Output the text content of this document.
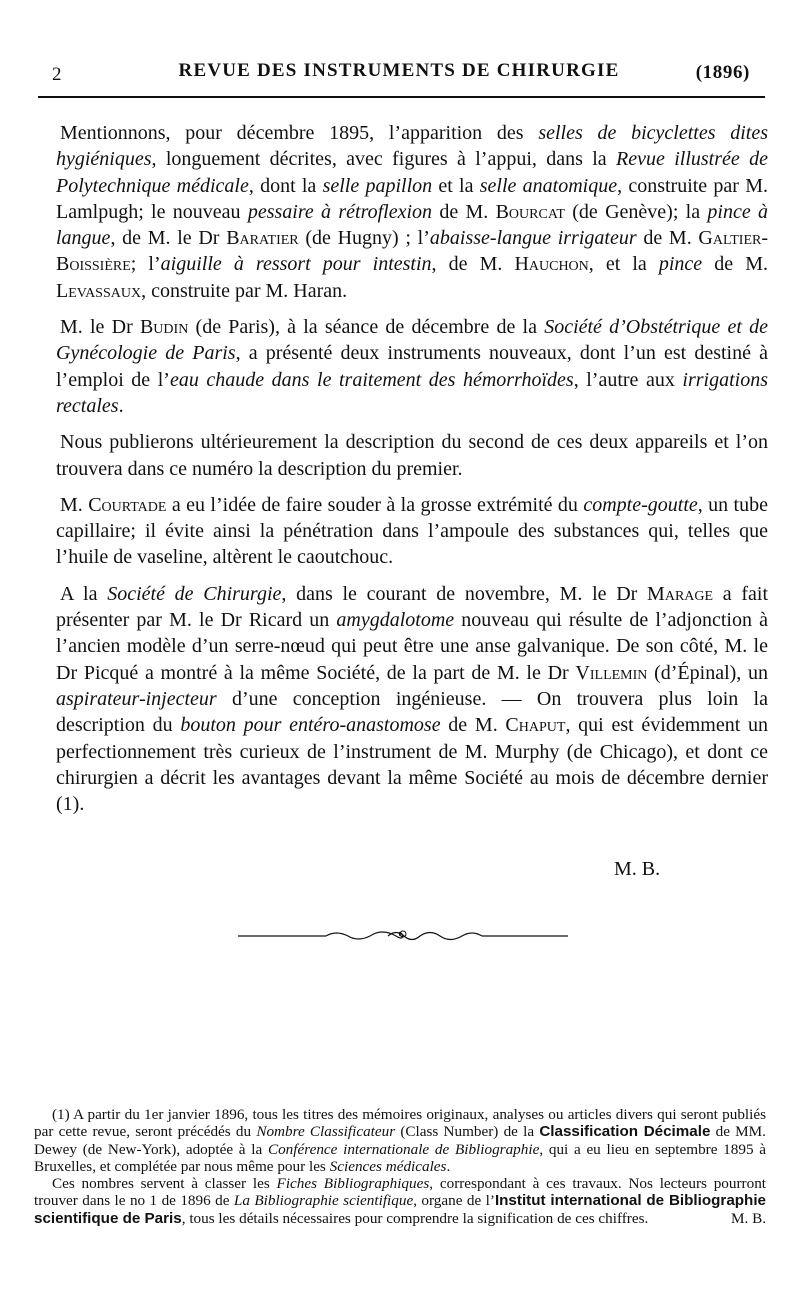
2	REVUE DES INSTRUMENTS DE CHIRURGIE	(1896)

Mentionnons, pour décembre 1895, l’apparition des selles de bicyclettes dites hygiéniques, longuement décrites, avec figures à l’appui, dans la Revue illustrée de Polytechnique médicale, dont la selle papillon et la selle anatomique, construite par M. Lamlpugh; le nouveau pessaire à rétroflexion de M. Bourcat (de Genève); la pince à langue, de M. le Dr Baratier (de Hugny) ; l’abaisse-langue irrigateur de M. Galtier-Boissière; l’aiguille à ressort pour intestin, de M. Hauchon, et la pince de M. Levassaux, construite par M. Haran.

M. le Dr Budin (de Paris), à la séance de décembre de la Société d’Obstétrique et de Gynécologie de Paris, a présenté deux instruments nouveaux, dont l’un est destiné à l’emploi de l’eau chaude dans le traitement des hémorrhoïdes, l’autre aux irrigations rectales.

Nous publierons ultérieurement la description du second de ces deux appareils et l’on trouvera dans ce numéro la description du premier.

M. Courtade a eu l’idée de faire souder à la grosse extrémité du compte-goutte, un tube capillaire; il évite ainsi la pénétration dans l’ampoule des substances qui, telles que l’huile de vaseline, altèrent le caoutchouc.

A la Société de Chirurgie, dans le courant de novembre, M. le Dr Marage a fait présenter par M. le Dr Ricard un amygdalotome nouveau qui résulte de l’adjonction à l’ancien modèle d’un serre-nœud qui peut être une anse galvanique. De son côté, M. le Dr Picqué a montré à la même Société, de la part de M. le Dr Villemin (d’Épinal), un aspirateur-injecteur d’une conception ingénieuse. — On trouvera plus loin la description du bouton pour entéro-anastomose de M. Chaput, qui est évidemment un perfectionnement très curieux de l’instrument de M. Murphy (de Chicago), et dont ce chirurgien a décrit les avantages devant la même Société au mois de décembre dernier (1).

M. B.

(1) A partir du 1er janvier 1896, tous les titres des mémoires originaux, analyses ou articles divers qui seront publiés par cette revue, seront précédés du Nombre Classificateur (Class Number) de la Classification Décimale de MM. Dewey (de New-York), adoptée à la Conférence internationale de Bibliographie, qui a eu lieu en septembre 1895 à Bruxelles, et complétée par nous même pour les Sciences médicales.

Ces nombres servent à classer les Fiches Bibliographiques, correspondant à ces travaux. Nos lecteurs pourront trouver dans le no 1 de 1896 de La Bibliographie scientifique, organe de l’Institut international de Bibliographie scientifique de Paris, tous les détails nécessaires pour comprendre la signification de ces chiffres.	M. B.
